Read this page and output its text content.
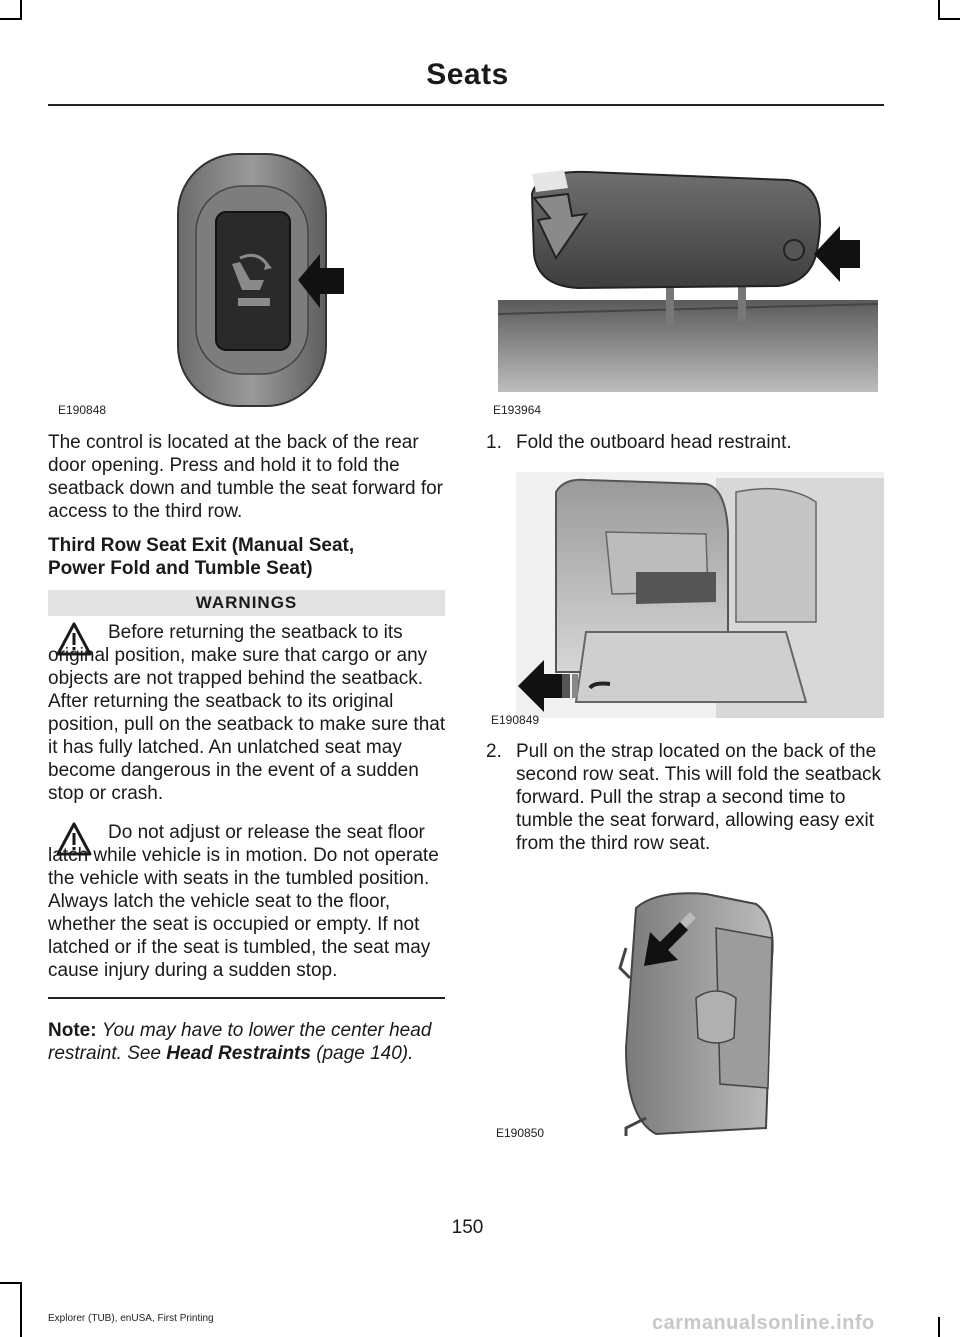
Seats
E190848	E193964

The control is located at the back of the rear door opening. Press and hold it to fold the seatback down and tumble the seat forward for access to the third row.

Third Row Seat Exit (Manual Seat, Power Fold and Tumble Seat)

WARNINGS

Before returning the seatback to its original position, make sure that cargo or any objects are not trapped behind the seatback. After returning the seatback to its original position, pull on the seatback to make sure that it has fully latched. An unlatched seat may become dangerous in the event of a sudden stop or crash.

Do not adjust or release the seat floor latch while vehicle is in motion. Do not operate the vehicle with seats in the tumbled position. Always latch the vehicle seat to the floor, whether the seat is occupied or empty. If not latched or if the seat is tumbled, the seat may cause injury during a sudden stop.

Note: You may have to lower the center head restraint. See Head Restraints (page 140).

1. Fold the outboard head restraint.
E190849
2. Pull on the strap located on the back of the second row seat. This will fold the seatback forward. Pull the strap a second time to tumble the seat forward, allowing easy exit from the third row seat.
E190850
150
Explorer (TUB), enUSA, First Printing	carmanualsonline.info
